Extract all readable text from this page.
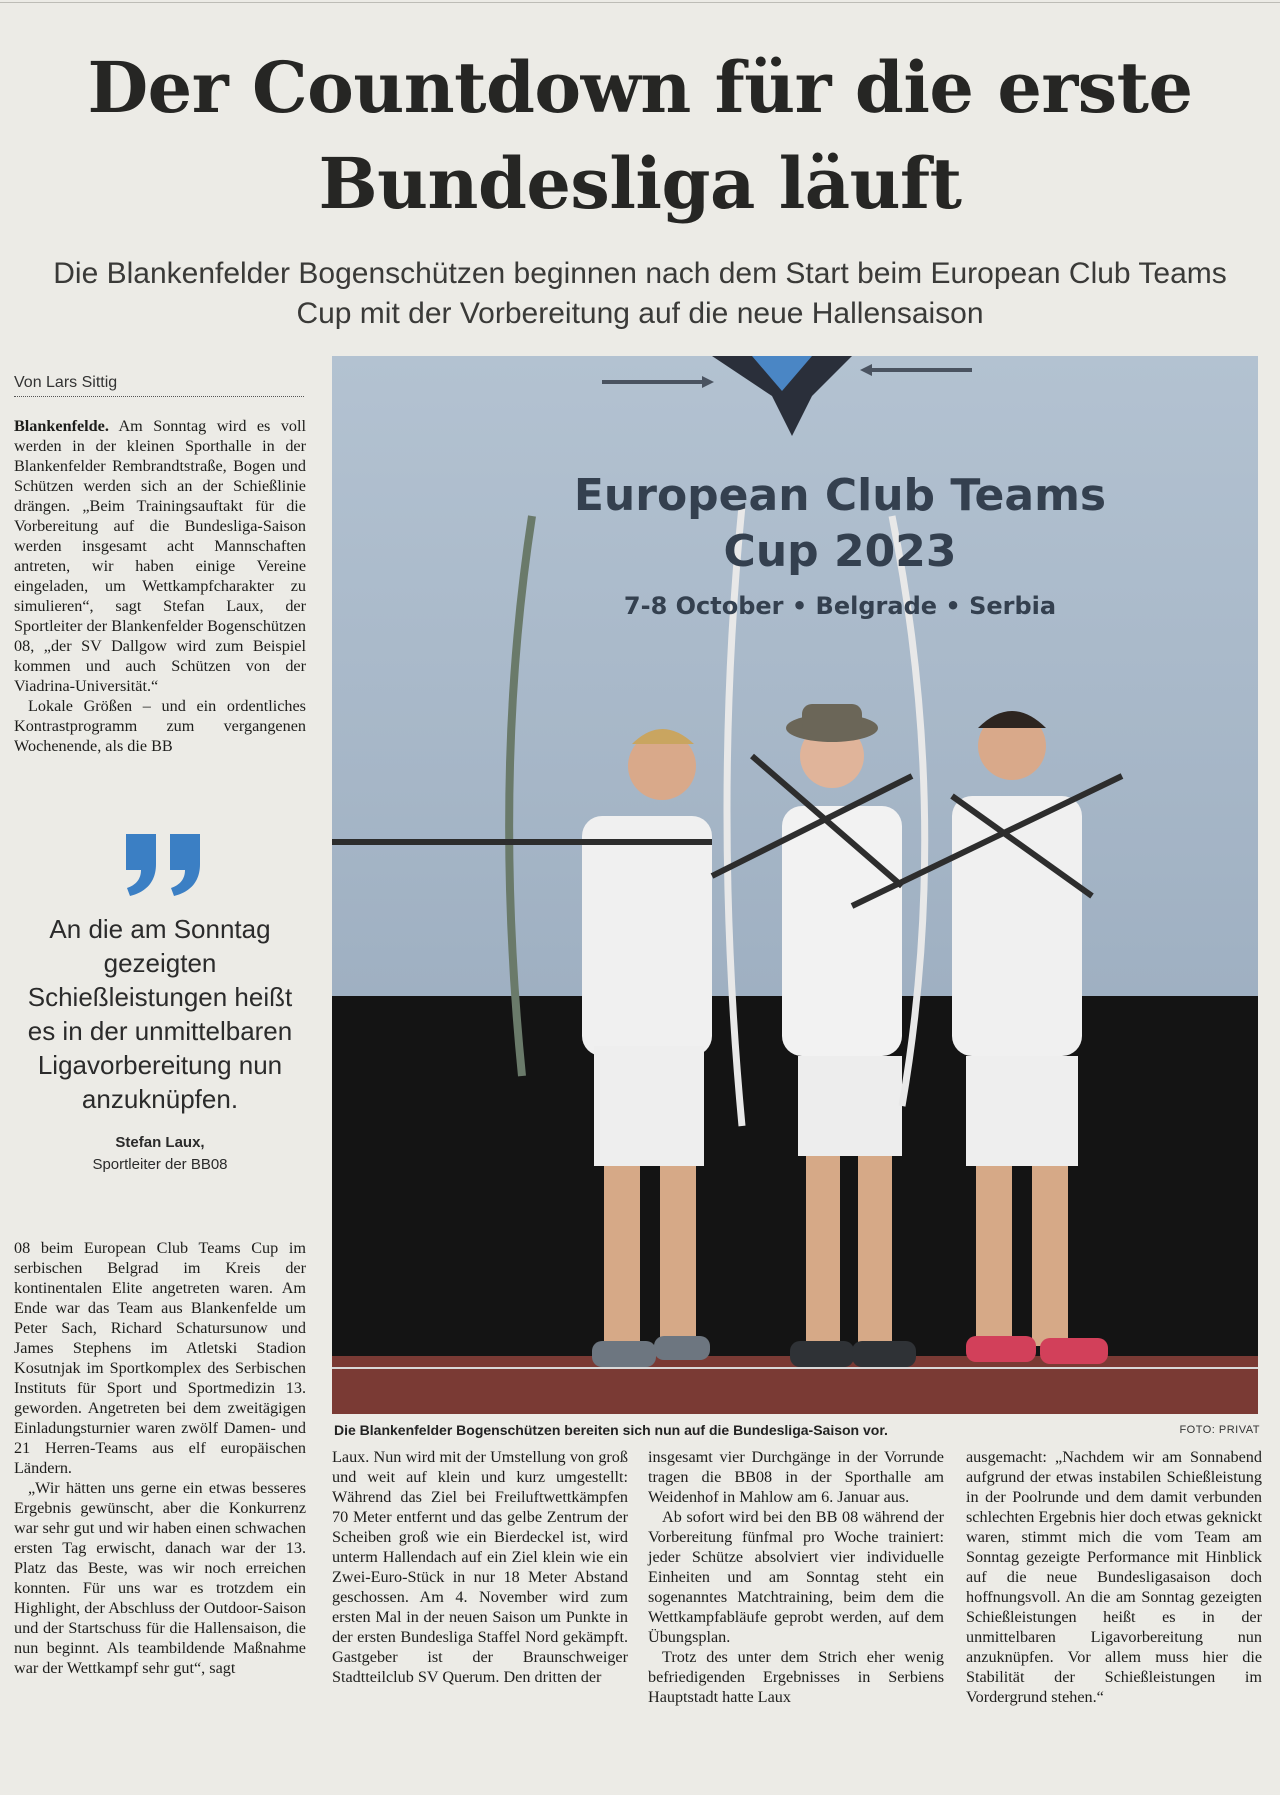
Der Countdown für die erste Bundesliga läuft
Die Blankenfelder Bogenschützen beginnen nach dem Start beim European Club Teams Cup mit der Vorbereitung auf die neue Hallensaison
Von Lars Sittig

Blankenfelde. Am Sonntag wird es voll werden in der kleinen Sporthalle in der Blankenfelder Rembrandtstraße, Bogen und Schützen werden sich an der Schießlinie drängen. „Beim Trainingsauftakt für die Vorbereitung auf die Bundesliga-Saison werden insgesamt acht Mannschaften antreten, wir haben einige Vereine eingeladen, um Wettkampfcharakter zu simulieren“, sagt Stefan Laux, der Sportleiter der Blankenfelder Bogenschützen 08, „der SV Dallgow wird zum Beispiel kommen und auch Schützen von der Viadrina-Universität.“

Lokale Größen – und ein ordentliches Kontrastprogramm zum vergangenen Wochenende, als die BB

An die am Sonntag gezeigten Schießleistungen heißt es in der unmittelbaren Ligavorbereitung nun anzuknüpfen.
Stefan Laux,
Sportleiter der BB08

08 beim European Club Teams Cup im serbischen Belgrad im Kreis der kontinentalen Elite angetreten waren. Am Ende war das Team aus Blankenfelde um Peter Sach, Richard Schatursunow und James Stephens im Atletski Stadion Kosutnjak im Sportkomplex des Serbischen Instituts für Sport und Sportmedizin 13. geworden. Angetreten bei dem zweitägigen Einladungsturnier waren zwölf Damen- und 21 Herren-Teams aus elf europäischen Ländern.

„Wir hätten uns gerne ein etwas besseres Ergebnis gewünscht, aber die Konkurrenz war sehr gut und wir haben einen schwachen ersten Tag erwischt, danach war der 13. Platz das Beste, was wir noch erreichen konnten. Für uns war es trotzdem ein Highlight, der Abschluss der Outdoor-Saison und der Startschuss für die Hallensaison, die nun beginnt. Als teambildende Maßnahme war der Wettkampf sehr gut“, sagt

European Club Teams Cup 2023
7-8 October • Belgrade • Serbia
Die Blankenfelder Bogenschützen bereiten sich nun auf die Bundesliga-Saison vor.	FOTO: PRIVAT

Laux. Nun wird mit der Umstellung von groß und weit auf klein und kurz umgestellt: Während das Ziel bei Freiluftwettkämpfen 70 Meter entfernt und das gelbe Zentrum der Scheiben groß wie ein Bierdeckel ist, wird unterm Hallendach auf ein Ziel klein wie ein Zwei-Euro-Stück in nur 18 Meter Abstand geschossen. Am 4. November wird zum ersten Mal in der neuen Saison um Punkte in der ersten Bundesliga Staffel Nord gekämpft. Gastgeber ist der Braunschweiger Stadtteilclub SV Querum. Den dritten der

insgesamt vier Durchgänge in der Vorrunde tragen die BB08 in der Sporthalle am Weidenhof in Mahlow am 6. Januar aus.

Ab sofort wird bei den BB 08 während der Vorbereitung fünfmal pro Woche trainiert: jeder Schütze absolviert vier individuelle Einheiten und am Sonntag steht ein sogenanntes Matchtraining, beim dem die Wettkampfabläufe geprobt werden, auf dem Übungsplan.

Trotz des unter dem Strich eher wenig befriedigenden Ergebnisses in Serbiens Hauptstadt hatte Laux

ausgemacht: „Nachdem wir am Sonnabend aufgrund der etwas instabilen Schießleistung in der Poolrunde und dem damit verbunden schlechten Ergebnis hier doch etwas geknickt waren, stimmt mich die vom Team am Sonntag gezeigte Performance mit Hinblick auf die neue Bundesligasaison doch hoffnungsvoll. An die am Sonntag gezeigten Schießleistungen heißt es in der unmittelbaren Ligavorbereitung nun anzuknüpfen. Vor allem muss hier die Stabilität der Schießleistungen im Vordergrund stehen.“
